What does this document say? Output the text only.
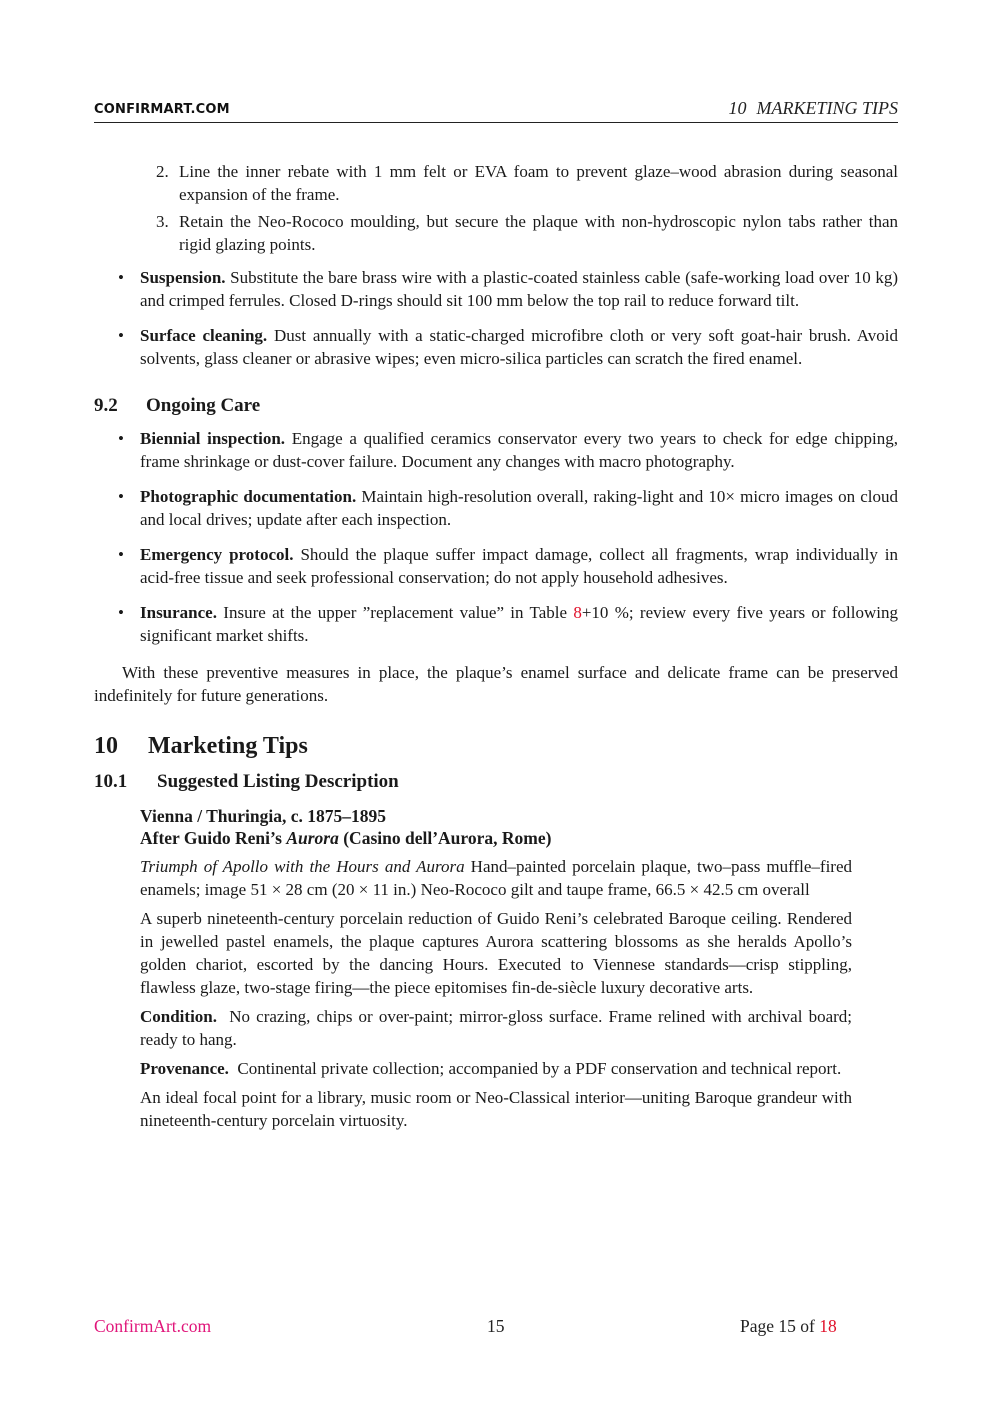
CONFIRMART.COM	10 MARKETING TIPS
2. Line the inner rebate with 1 mm felt or EVA foam to prevent glaze–wood abrasion during seasonal expansion of the frame.
3. Retain the Neo-Rococo moulding, but secure the plaque with non-hydroscopic nylon tabs rather than rigid glazing points.
• Suspension. Substitute the bare brass wire with a plastic-coated stainless cable (safe-working load over 10 kg) and crimped ferrules. Closed D-rings should sit 100 mm below the top rail to reduce forward tilt.
• Surface cleaning. Dust annually with a static-charged microfibre cloth or very soft goat-hair brush. Avoid solvents, glass cleaner or abrasive wipes; even micro-silica particles can scratch the fired enamel.
9.2 Ongoing Care
• Biennial inspection. Engage a qualified ceramics conservator every two years to check for edge chipping, frame shrinkage or dust-cover failure. Document any changes with macro photography.
• Photographic documentation. Maintain high-resolution overall, raking-light and 10× micro images on cloud and local drives; update after each inspection.
• Emergency protocol. Should the plaque suffer impact damage, collect all fragments, wrap individually in acid-free tissue and seek professional conservation; do not apply household adhesives.
• Insurance. Insure at the upper ”replacement value” in Table 8+10 %; review every five years or following significant market shifts.

With these preventive measures in place, the plaque’s enamel surface and delicate frame can be preserved indefinitely for future generations.

10 Marketing Tips
10.1 Suggested Listing Description
Vienna / Thuringia, c. 1875–1895
After Guido Reni’s Aurora (Casino dell’Aurora, Rome)

Triumph of Apollo with the Hours and Aurora Hand–painted porcelain plaque, two–pass muffle–fired enamels; image 51 × 28 cm (20 × 11 in.) Neo-Rococo gilt and taupe frame, 66.5 × 42.5 cm overall

A superb nineteenth-century porcelain reduction of Guido Reni’s celebrated Baroque ceiling. Rendered in jewelled pastel enamels, the plaque captures Aurora scattering blossoms as she heralds Apollo’s golden chariot, escorted by the dancing Hours. Executed to Viennese standards—crisp stippling, flawless glaze, two-stage firing—the piece epitomises fin-de-siècle luxury decorative arts.

Condition. No crazing, chips or over-paint; mirror-gloss surface. Frame relined with archival board; ready to hang.

Provenance. Continental private collection; accompanied by a PDF conservation and technical report.

An ideal focal point for a library, music room or Neo-Classical interior—uniting Baroque grandeur with nineteenth-century porcelain virtuosity.

ConfirmArt.com	15	Page 15 of 18
